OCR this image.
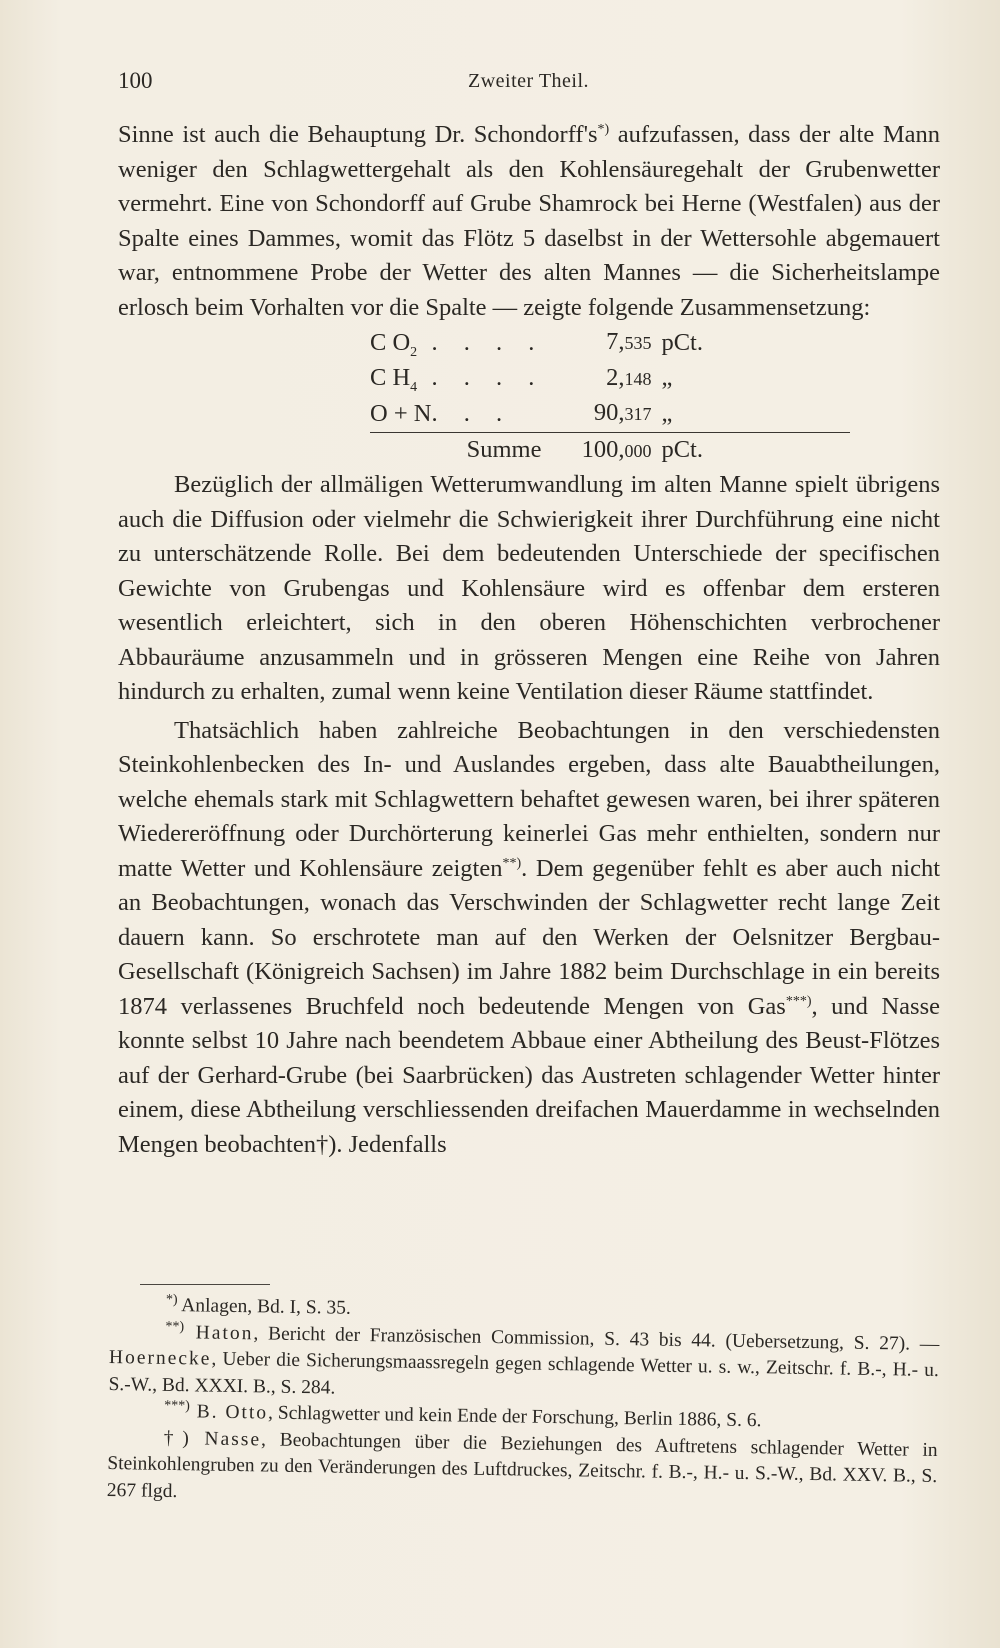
100	Zweiter Theil.

Sinne ist auch die Behauptung Dr. Schondorff's*) aufzufassen, dass der alte Mann weniger den Schlagwettergehalt als den Kohlensäuregehalt der Grubenwetter vermehrt. Eine von Schondorff auf Grube Shamrock bei Herne (Westfalen) aus der Spalte eines Dammes, womit das Flötz 5 daselbst in der Wettersohle abgemauert war, entnommene Probe der Wetter des alten Mannes — die Sicherheitslampe erlosch beim Vorhalten vor die Spalte — zeigte folgende Zusammensetzung:

C $O_2$	. . . .	7,535	pCt.
C $H_4$	. . . .	2,148	„
O + N	. . .	90,317	„
Summe		100,000	pCt.

Bezüglich der allmäligen Wetterumwandlung im alten Manne spielt übrigens auch die Diffusion oder vielmehr die Schwierigkeit ihrer Durchführung eine nicht zu unterschätzende Rolle. Bei dem bedeutenden Unterschiede der specifischen Gewichte von Grubengas und Kohlensäure wird es offenbar dem ersteren wesentlich erleichtert, sich in den oberen Höhenschichten verbrochener Abbauräume anzusammeln und in grösseren Mengen eine Reihe von Jahren hindurch zu erhalten, zumal wenn keine Ventilation dieser Räume stattfindet.

Thatsächlich haben zahlreiche Beobachtungen in den verschiedensten Steinkohlenbecken des In- und Auslandes ergeben, dass alte Bauabtheilungen, welche ehemals stark mit Schlagwettern behaftet gewesen waren, bei ihrer späteren Wiedereröffnung oder Durchörterung keinerlei Gas mehr enthielten, sondern nur matte Wetter und Kohlensäure zeigten**). Dem gegenüber fehlt es aber auch nicht an Beobachtungen, wonach das Verschwinden der Schlagwetter recht lange Zeit dauern kann. So erschrotete man auf den Werken der Oelsnitzer Bergbau-Gesellschaft (Königreich Sachsen) im Jahre 1882 beim Durchschlage in ein bereits 1874 verlassenes Bruchfeld noch bedeutende Mengen von Gas***), und Nasse konnte selbst 10 Jahre nach beendetem Abbaue einer Abtheilung des Beust-Flötzes auf der Gerhard-Grube (bei Saarbrücken) das Austreten schlagender Wetter hinter einem, diese Abtheilung verschliessenden dreifachen Mauerdamme in wechselnden Mengen beobachten†). Jedenfalls

*) Anlagen, Bd. I, S. 35.

**) Haton, Bericht der Französischen Commission, S. 43 bis 44. (Uebersetzung, S. 27). — Hoernecke, Ueber die Sicherungsmaassregeln gegen schlagende Wetter u. s. w., Zeitschr. f. B.-, H.- u. S.-W., Bd. XXXI. B., S. 284.

***) B. Otto, Schlagwetter und kein Ende der Forschung, Berlin 1886, S. 6.

†) Nasse, Beobachtungen über die Beziehungen des Auftretens schlagender Wetter in Steinkohlengruben zu den Veränderungen des Luftdruckes, Zeitschr. f. B.-, H.- u. S.-W., Bd. XXV. B., S. 267 flgd.
